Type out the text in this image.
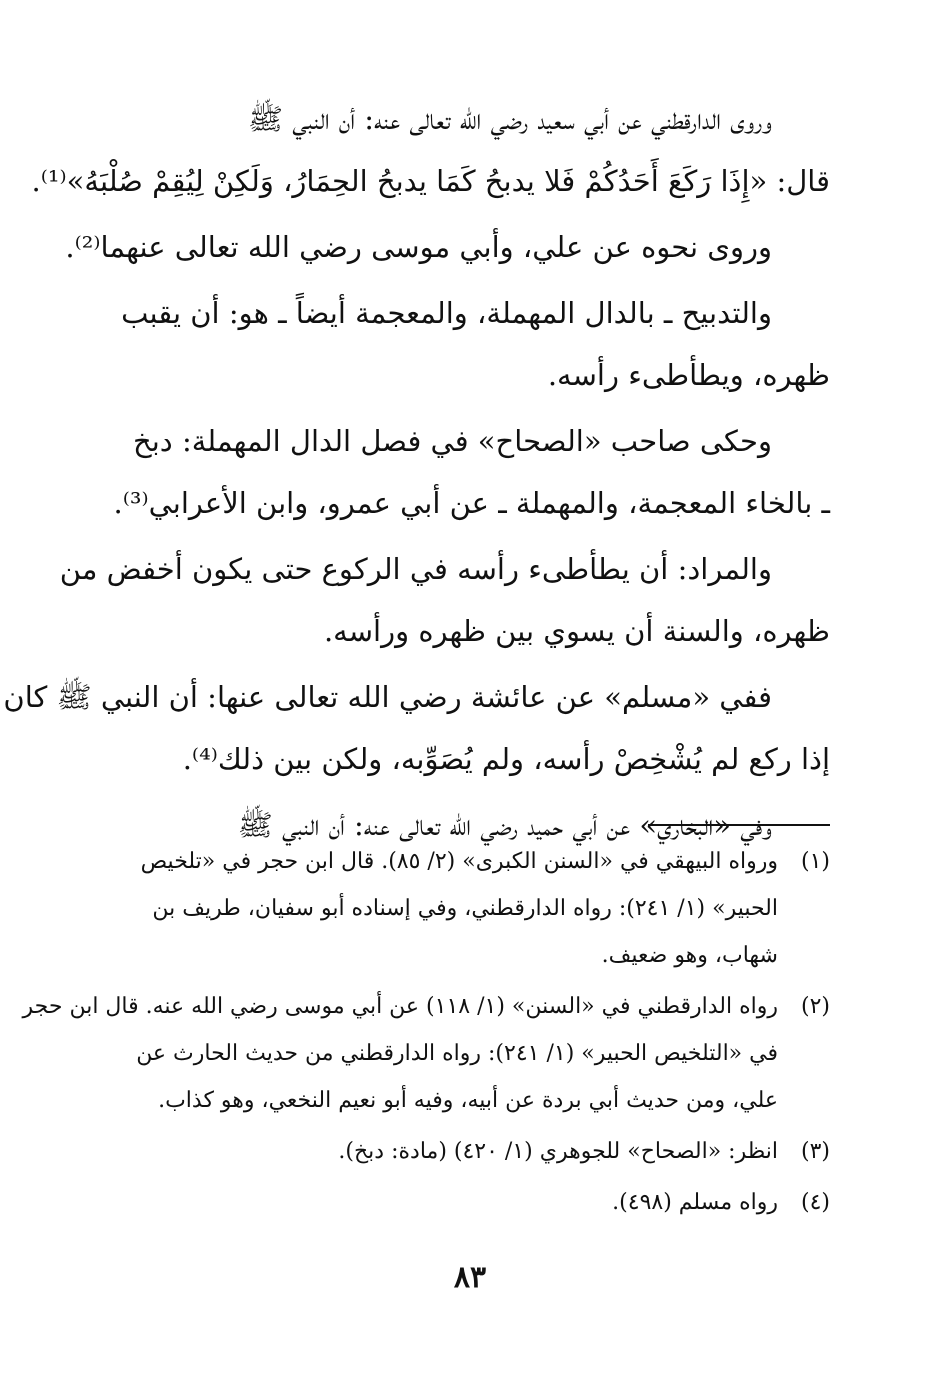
وروى الدارقطني عن أبي سعيد رضي الله تعالى عنه: أن النبي ﷺ
قال: «إِذَا رَكَعَ أَحَدُكُمْ فَلا يدبحُ كَمَا يدبحُ الحِمَارُ، وَلَكِنْ لِيُقِمْ صُلْبَهُ»⁽¹⁾.

وروى نحوه عن علي، وأبي موسى رضي الله تعالى عنهما⁽²⁾.

والتدبيح ـ بالدال المهملة، والمعجمة أيضاً ـ هو: أن يقبب
ظهره، ويطأطىء رأسه.

وحكى صاحب «الصحاح» في فصل الدال المهملة: دبخ
ـ بالخاء المعجمة، والمهملة ـ عن أبي عمرو، وابن الأعرابي⁽³⁾.

والمراد: أن يطأطىء رأسه في الركوع حتى يكون أخفض من
ظهره، والسنة أن يسوي بين ظهره ورأسه.

ففي «مسلم» عن عائشة رضي الله تعالى عنها: أن النبي ﷺ كان
إذا ركع لم يُشْخِصْ رأسه، ولم يُصَوِّبه، ولكن بين ذلك⁽⁴⁾.

وفي «البخاري» عن أبي حميد رضي الله تعالى عنه: أن النبي ﷺ

(١)
ورواه البيهقي في «السنن الكبرى» (٢/ ٨٥). قال ابن حجر في «تلخيص
الحبير» (١/ ٢٤١): رواه الدارقطني، وفي إسناده أبو سفيان، طريف بن
شهاب، وهو ضعيف.
(٢)
رواه الدارقطني في «السنن» (١/ ١١٨) عن أبي موسى رضي الله عنه. قال ابن حجر
في «التلخيص الحبير» (١/ ٢٤١): رواه الدارقطني من حديث الحارث عن
علي، ومن حديث أبي بردة عن أبيه، وفيه أبو نعيم النخعي، وهو كذاب.
(٣)
انظر: «الصحاح» للجوهري (١/ ٤٢٠) (مادة: دبخ).
(٤)
رواه مسلم (٤٩٨).
٨٣
